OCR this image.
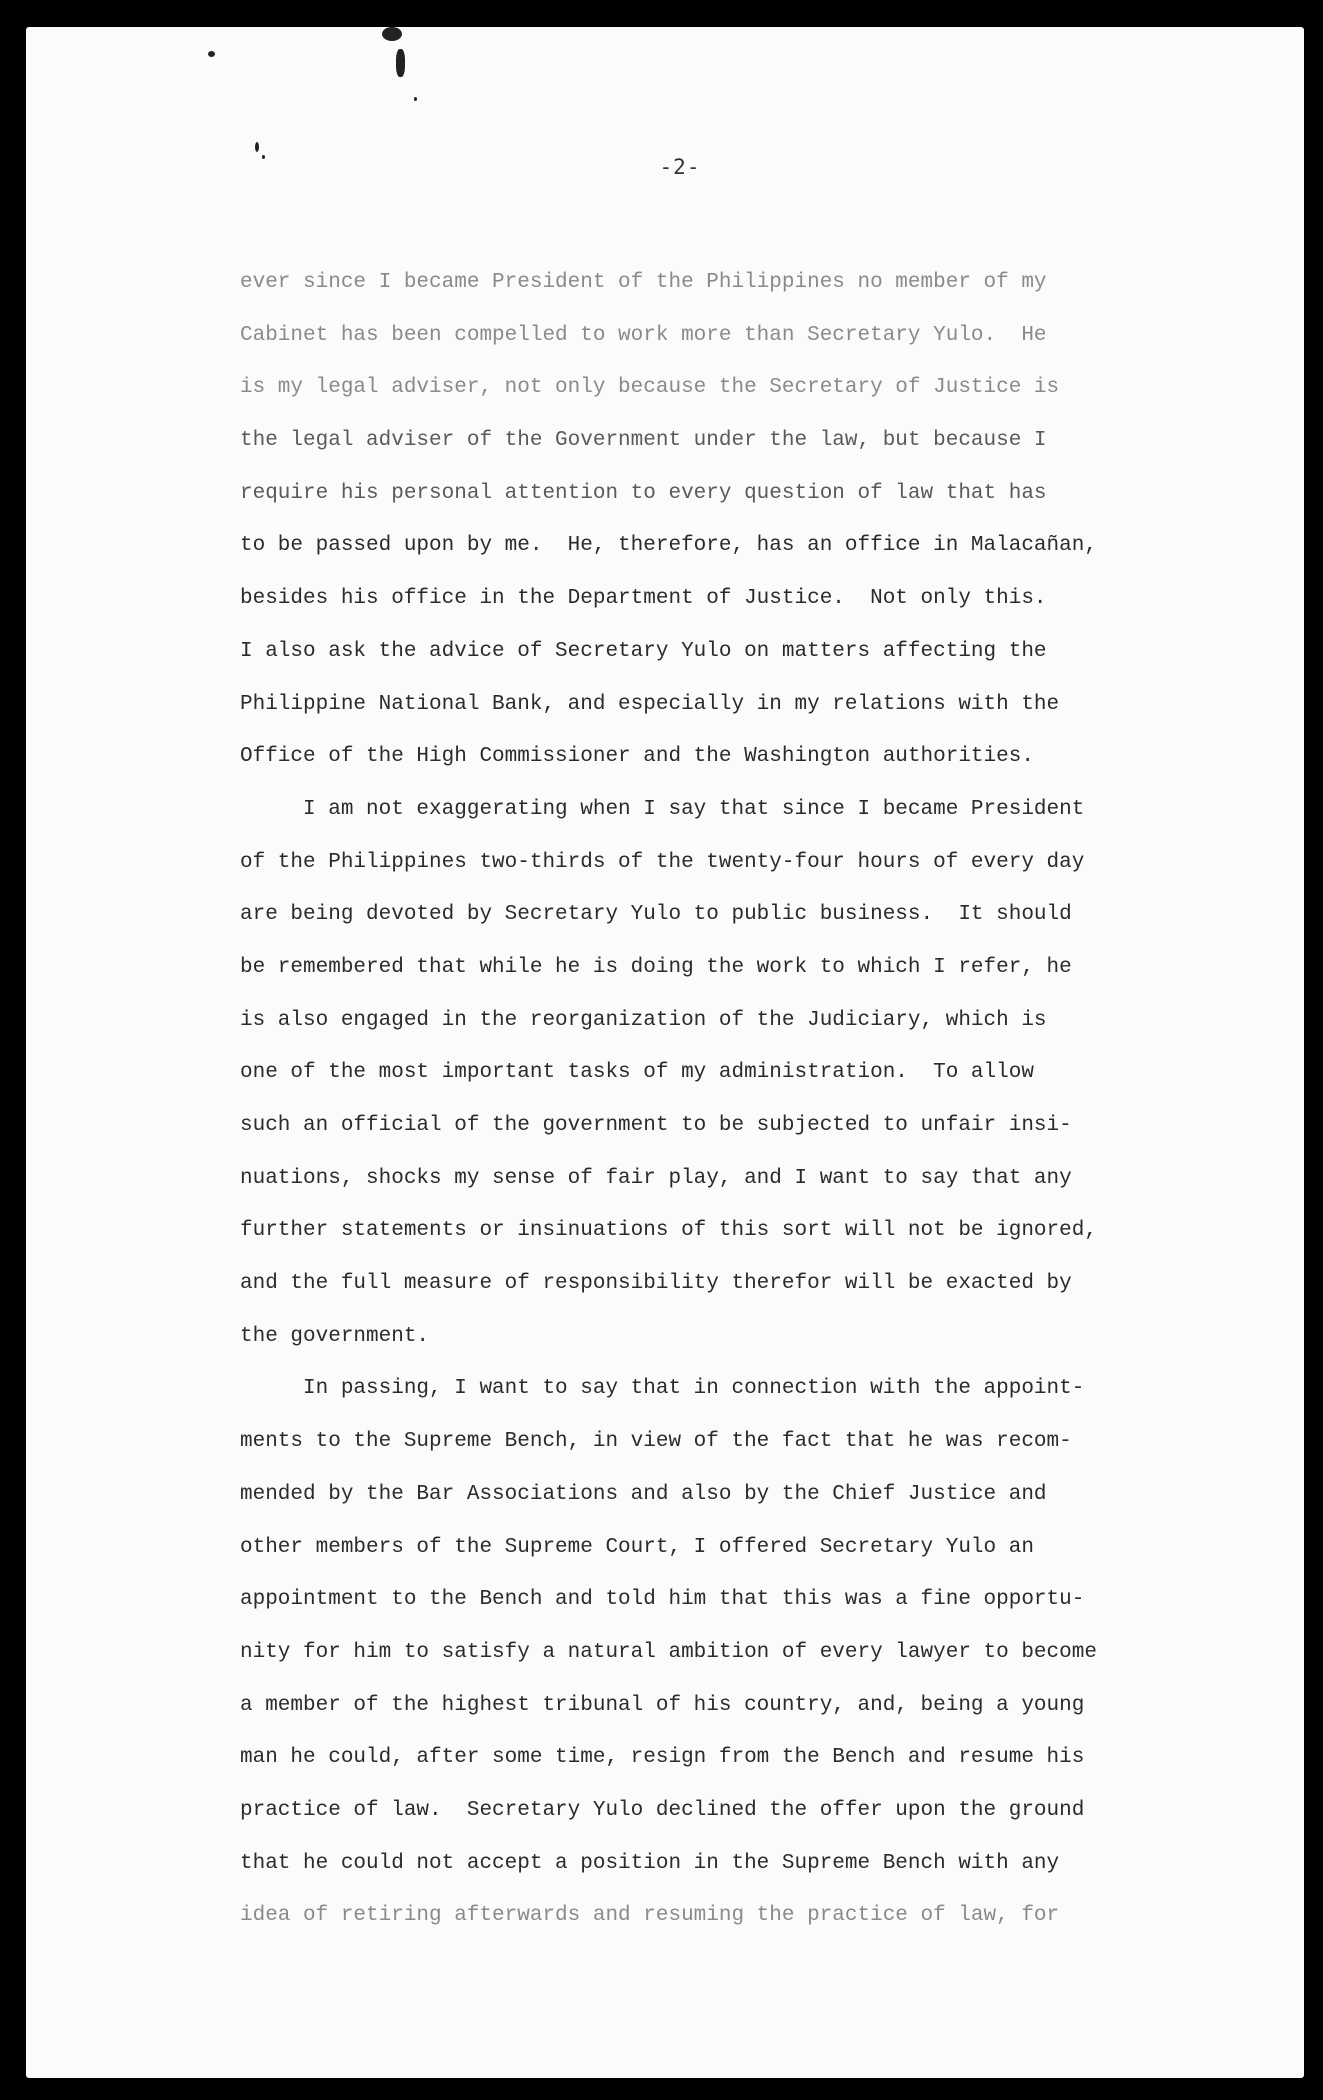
-2-
ever since I became President of the Philippines no member of my
Cabinet has been compelled to work more than Secretary Yulo.  He
is my legal adviser, not only because the Secretary of Justice is
the legal adviser of the Government under the law, but because I
require his personal attention to every question of law that has
to be passed upon by me.  He, therefore, has an office in Malacañan,
besides his office in the Department of Justice.  Not only this.
I also ask the advice of Secretary Yulo on matters affecting the
Philippine National Bank, and especially in my relations with the
Office of the High Commissioner and the Washington authorities.
I am not exaggerating when I say that since I became President
of the Philippines two-thirds of the twenty-four hours of every day
are being devoted by Secretary Yulo to public business.  It should
be remembered that while he is doing the work to which I refer, he
is also engaged in the reorganization of the Judiciary, which is
one of the most important tasks of my administration.  To allow
such an official of the government to be subjected to unfair insi-
nuations, shocks my sense of fair play, and I want to say that any
further statements or insinuations of this sort will not be ignored,
and the full measure of responsibility therefor will be exacted by
the government.
In passing, I want to say that in connection with the appoint-
ments to the Supreme Bench, in view of the fact that he was recom-
mended by the Bar Associations and also by the Chief Justice and
other members of the Supreme Court, I offered Secretary Yulo an
appointment to the Bench and told him that this was a fine opportu-
nity for him to satisfy a natural ambition of every lawyer to become
a member of the highest tribunal of his country, and, being a young
man he could, after some time, resign from the Bench and resume his
practice of law.  Secretary Yulo declined the offer upon the ground
that he could not accept a position in the Supreme Bench with any
idea of retiring afterwards and resuming the practice of law, for
